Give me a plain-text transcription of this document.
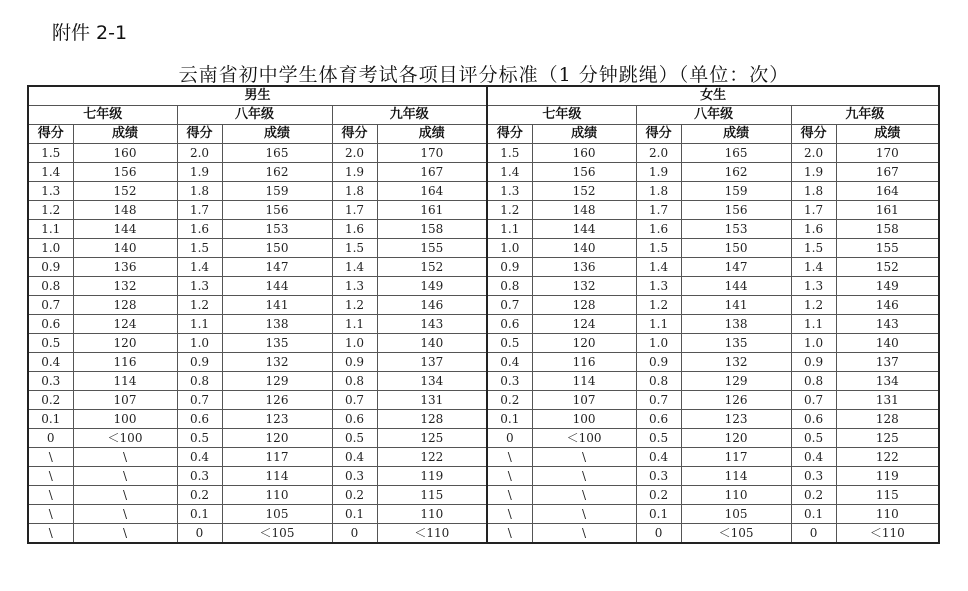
附件 2-1
云南省初中学生体育考试各项目评分标准（1 分钟跳绳）（单位：次）
男生						女生					
七年级		八年级		九年级		七年级		八年级		九年级	
得分	成绩	得分	成绩	得分	成绩	得分	成绩	得分	成绩	得分	成绩
1.5	160	2.0	165	2.0	170	1.5	160	2.0	165	2.0	170
1.4	156	1.9	162	1.9	167	1.4	156	1.9	162	1.9	167
1.3	152	1.8	159	1.8	164	1.3	152	1.8	159	1.8	164
1.2	148	1.7	156	1.7	161	1.2	148	1.7	156	1.7	161
1.1	144	1.6	153	1.6	158	1.1	144	1.6	153	1.6	158
1.0	140	1.5	150	1.5	155	1.0	140	1.5	150	1.5	155
0.9	136	1.4	147	1.4	152	0.9	136	1.4	147	1.4	152
0.8	132	1.3	144	1.3	149	0.8	132	1.3	144	1.3	149
0.7	128	1.2	141	1.2	146	0.7	128	1.2	141	1.2	146
0.6	124	1.1	138	1.1	143	0.6	124	1.1	138	1.1	143
0.5	120	1.0	135	1.0	140	0.5	120	1.0	135	1.0	140
0.4	116	0.9	132	0.9	137	0.4	116	0.9	132	0.9	137
0.3	114	0.8	129	0.8	134	0.3	114	0.8	129	0.8	134
0.2	107	0.7	126	0.7	131	0.2	107	0.7	126	0.7	131
0.1	100	0.6	123	0.6	128	0.1	100	0.6	123	0.6	128
0	＜100	0.5	120	0.5	125	0	＜100	0.5	120	0.5	125
\	\	0.4	117	0.4	122	\	\	0.4	117	0.4	122
\	\	0.3	114	0.3	119	\	\	0.3	114	0.3	119
\	\	0.2	110	0.2	115	\	\	0.2	110	0.2	115
\	\	0.1	105	0.1	110	\	\	0.1	105	0.1	110
\	\	0	＜105	0	＜110	\	\	0	＜105	0	＜110
